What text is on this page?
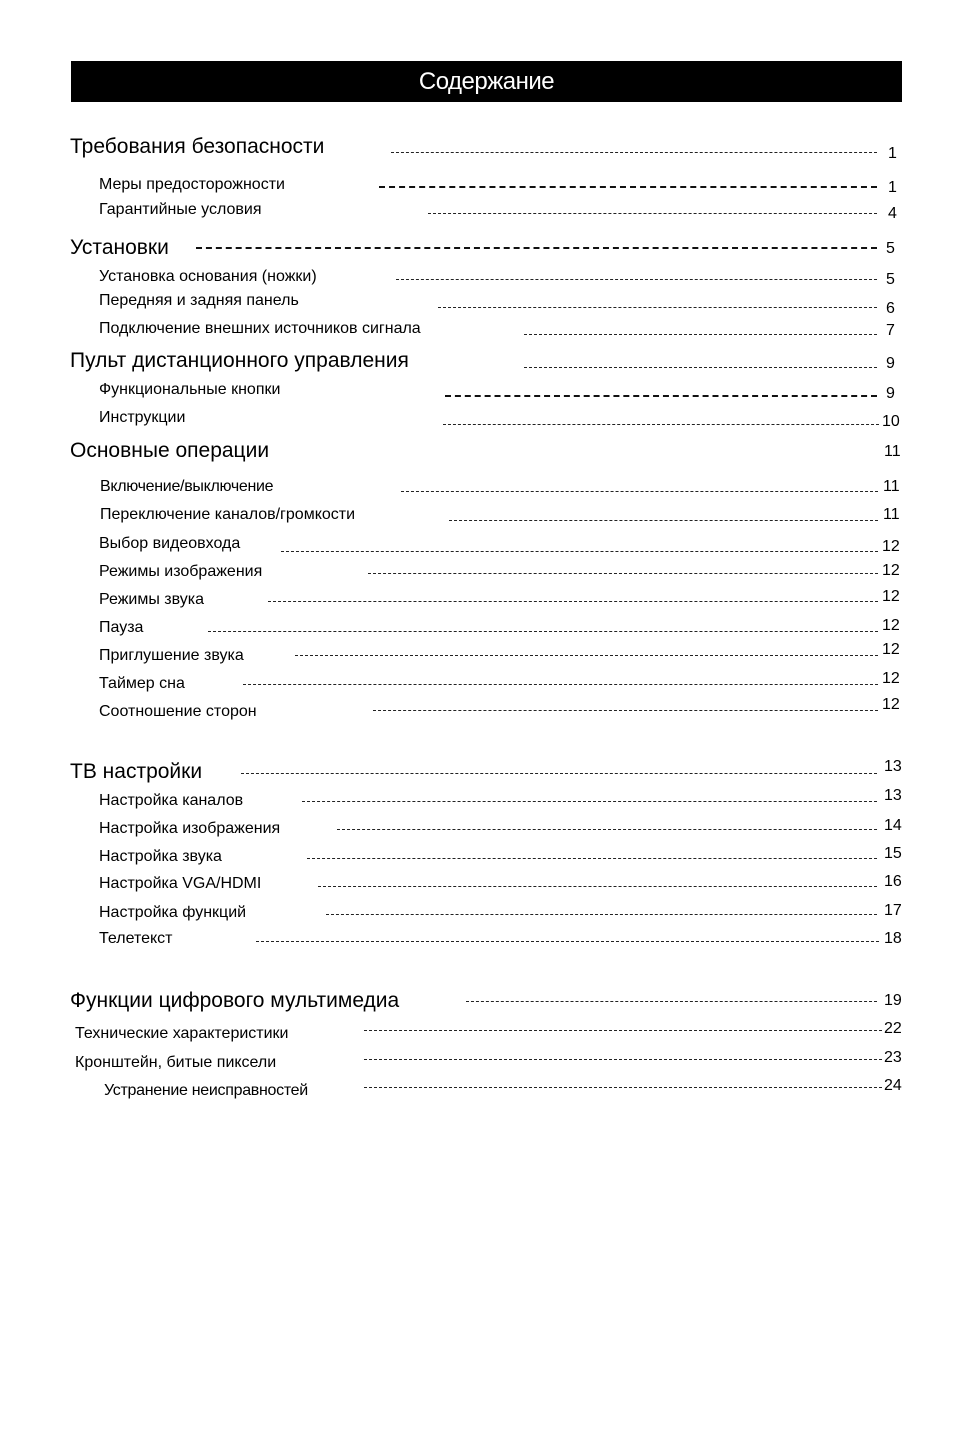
Содержание
Требования безопасности	1
Меры предосторожности	1
Гарантийные условия	4
Установки	5
Установка основания (ножки)	5
Передняя и задняя панель	6
Подключение внешних источников сигнала	7
Пульт дистанционного управления	9
Функциональные кнопки	9
Инструкции	10
Основные операции	11
Включение/выключение	11
Переключение каналов/громкости	11
Выбор видеовхода	12
Режимы изображения	12
Режимы звука	12
Пауза	12
Приглушение звука	12
Таймер сна	12
Соотношение сторон	12
ТВ настройки	13
Настройка каналов	13
Настройка изображения	14
Настройка звука	15
Настройка VGA/HDMI	16
Настройка функций	17
Телетекст	18
Функции цифрового мультимедиа	19
Технические характеристики	22
Кронштейн, битые пиксели	23
Устранение неисправностей	24
